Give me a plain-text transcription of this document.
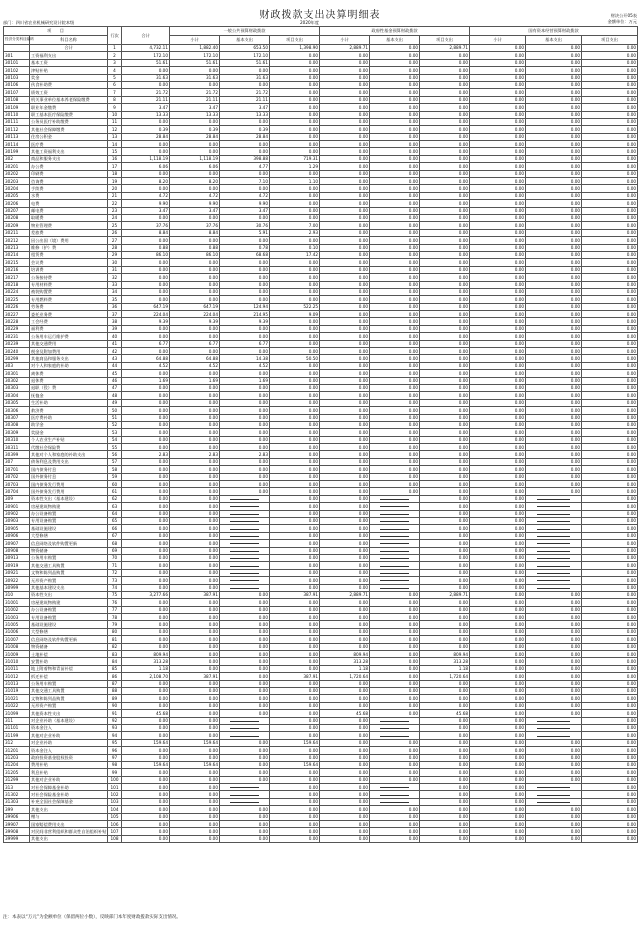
财政拨款支出决算明细表
部门：四川省农业机械研究设计院本级	2020年度
财决公开05表
金额单位：万元
项　　目		行次	合计	一般公共预算财政拨款			政府性基金预算财政拨款			国有资本经营预算财政拨款		
经济分类科目编码	科目名称			小计	基本支出	项目支出	小计	基本支出	项目支出	小计	基本支出	项目支出
	合计	1	4,732.11	1,882.40	653.50	1,398.90	2,889.71	0.00	2,889.71	0.00	0.00	0.00
301	工资福利支出	2	172.10	172.10	172.10	0.00	0.00	0.00	0.00	0.00	0.00	0.00
30101	基本工资	3	51.61	51.61	51.61	0.00	0.00	0.00	0.00	0.00	0.00	0.00
30102	津贴补贴	4	0.00	0.00	0.00	0.00	0.00	0.00	0.00	0.00	0.00	0.00
30103	奖金	5	31.63	31.63	31.63	0.00	0.00	0.00	0.00	0.00	0.00	0.00
30106	伙食补助费	6	0.00	0.00	0.00	0.00	0.00	0.00	0.00	0.00	0.00	0.00
30107	绩效工资	7	21.72	21.72	21.72	0.00	0.00	0.00	0.00	0.00	0.00	0.00
30108	机关事业单位基本养老保险缴费	8	21.11	21.11	21.11	0.00	0.00	0.00	0.00	0.00	0.00	0.00
30109	职业年金缴费	9	3.47	3.47	3.47	0.00	0.00	0.00	0.00	0.00	0.00	0.00
30110	职工基本医疗保险缴费	10	13.33	13.33	13.33	0.00	0.00	0.00	0.00	0.00	0.00	0.00
30111	公务员医疗补助缴费	11	0.00	0.00	0.00	0.00	0.00	0.00	0.00	0.00	0.00	0.00
30112	其他社会保障缴费	12	0.39	0.39	0.39	0.00	0.00	0.00	0.00	0.00	0.00	0.00
30113	住房公积金	13	28.84	28.84	28.84	0.00	0.00	0.00	0.00	0.00	0.00	0.00
30114	医疗费	14	0.00	0.00	0.00	0.00	0.00	0.00	0.00	0.00	0.00	0.00
30199	其他工资福利支出	15	0.00	0.00	0.00	0.00	0.00	0.00	0.00	0.00	0.00	0.00
302	商品和服务支出	16	1,118.19	1,118.19	398.88	719.31	0.00	0.00	0.00	0.00	0.00	0.00
30201	办公费	17	6.06	6.06	4.77	1.29	0.00	0.00	0.00	0.00	0.00	0.00
30202	印刷费	18	0.00	0.00	0.00	0.00	0.00	0.00	0.00	0.00	0.00	0.00
30203	咨询费	19	8.20	8.20	7.10	1.10	0.00	0.00	0.00	0.00	0.00	0.00
30204	手续费	20	0.00	0.00	0.00	0.00	0.00	0.00	0.00	0.00	0.00	0.00
30205	水费	21	4.72	4.72	4.72	0.00	0.00	0.00	0.00	0.00	0.00	0.00
30206	电费	22	9.90	9.90	9.90	0.00	0.00	0.00	0.00	0.00	0.00	0.00
30207	邮电费	23	3.47	3.47	3.47	0.00	0.00	0.00	0.00	0.00	0.00	0.00
30208	取暖费	24	0.00	0.00	0.00	0.00	0.00	0.00	0.00	0.00	0.00	0.00
30209	物业管理费	25	37.76	37.76	30.76	7.00	0.00	0.00	0.00	0.00	0.00	0.00
30211	差旅费	26	8.84	8.84	5.91	2.93	0.00	0.00	0.00	0.00	0.00	0.00
30212	因公出国（境）费用	27	0.00	0.00	0.00	0.00	0.00	0.00	0.00	0.00	0.00	0.00
30213	维修（护）费	28	0.88	0.88	0.78	0.10	0.00	0.00	0.00	0.00	0.00	0.00
30214	租赁费	29	86.10	86.10	68.68	17.42	0.00	0.00	0.00	0.00	0.00	0.00
30215	会议费	30	0.00	0.00	0.00	0.00	0.00	0.00	0.00	0.00	0.00	0.00
30216	培训费	31	0.00	0.00	0.00	0.00	0.00	0.00	0.00	0.00	0.00	0.00
30217	公务接待费	32	0.00	0.00	0.00	0.00	0.00	0.00	0.00	0.00	0.00	0.00
30218	专用材料费	33	0.00	0.00	0.00	0.00	0.00	0.00	0.00	0.00	0.00	0.00
30224	被装购置费	34	0.00	0.00	0.00	0.00	0.00	0.00	0.00	0.00	0.00	0.00
30225	专用燃料费	35	0.00	0.00	0.00	0.00	0.00	0.00	0.00	0.00	0.00	0.00
30226	劳务费	36	647.19	647.19	124.94	522.25	0.00	0.00	0.00	0.00	0.00	0.00
30227	委托业务费	37	224.04	224.04	214.95	9.09	0.00	0.00	0.00	0.00	0.00	0.00
30228	工会经费	38	9.39	9.39	9.39	0.00	0.00	0.00	0.00	0.00	0.00	0.00
30229	福利费	39	0.00	0.00	0.00	0.00	0.00	0.00	0.00	0.00	0.00	0.00
30231	公务用车运行维护费	40	0.00	0.00	0.00	0.00	0.00	0.00	0.00	0.00	0.00	0.00
30239	其他交通费用	41	6.77	6.77	6.77	0.00	0.00	0.00	0.00	0.00	0.00	0.00
30240	税金及附加费用	42	0.00	0.00	0.00	0.00	0.00	0.00	0.00	0.00	0.00	0.00
30299	其他商品和服务支出	43	64.88	64.88	14.38	50.50	0.00	0.00	0.00	0.00	0.00	0.00
303	对个人和家庭的补助	44	4.52	4.52	4.52	0.00	0.00	0.00	0.00	0.00	0.00	0.00
30301	离休费	45	0.00	0.00	0.00	0.00	0.00	0.00	0.00	0.00	0.00	0.00
30302	退休费	46	1.69	1.69	1.69	0.00	0.00	0.00	0.00	0.00	0.00	0.00
30303	退职（役）费	47	0.00	0.00	0.00	0.00	0.00	0.00	0.00	0.00	0.00	0.00
30304	抚恤金	48	0.00	0.00	0.00	0.00	0.00	0.00	0.00	0.00	0.00	0.00
30305	生活补助	49	0.00	0.00	0.00	0.00	0.00	0.00	0.00	0.00	0.00	0.00
30306	救济费	50	0.00	0.00	0.00	0.00	0.00	0.00	0.00	0.00	0.00	0.00
30307	医疗费补助	51	0.00	0.00	0.00	0.00	0.00	0.00	0.00	0.00	0.00	0.00
30308	助学金	52	0.00	0.00	0.00	0.00	0.00	0.00	0.00	0.00	0.00	0.00
30309	奖励金	53	0.00	0.00	0.00	0.00	0.00	0.00	0.00	0.00	0.00	0.00
30310	个人农业生产补贴	54	0.00	0.00	0.00	0.00	0.00	0.00	0.00	0.00	0.00	0.00
30311	代缴社会保险费	55	0.00	0.00	0.00	0.00	0.00	0.00	0.00	0.00	0.00	0.00
30399	其他对个人和家庭的补助支出	56	2.83	2.83	2.83	0.00	0.00	0.00	0.00	0.00	0.00	0.00
307	债务利息及费用支出	57	0.00	0.00	0.00	0.00	0.00	0.00	0.00	0.00	0.00	0.00
30701	国内债务付息	58	0.00	0.00	0.00	0.00	0.00	0.00	0.00	0.00	0.00	0.00
30702	国外债务付息	59	0.00	0.00	0.00	0.00	0.00	0.00	0.00	0.00	0.00	0.00
30703	国内债务发行费用	60	0.00	0.00	0.00	0.00	0.00	0.00	0.00	0.00	0.00	0.00
30704	国外债务发行费用	61	0.00	0.00	0.00	0.00	0.00	0.00	0.00	0.00	0.00	0.00
309	资本性支出（基本建设）	62	0.00	0.00		0.00	0.00		0.00	0.00		0.00
30901	房屋建筑物购建	63	0.00	0.00		0.00	0.00		0.00	0.00		0.00
30902	办公设备购置	64	0.00	0.00		0.00	0.00		0.00	0.00		0.00
30903	专用设备购置	65	0.00	0.00		0.00	0.00		0.00	0.00		0.00
30905	基础设施建设	66	0.00	0.00		0.00	0.00		0.00	0.00		0.00
30906	大型修缮	67	0.00	0.00		0.00	0.00		0.00	0.00		0.00
30907	信息网络及软件购置更新	68	0.00	0.00		0.00	0.00		0.00	0.00		0.00
30908	物资储备	69	0.00	0.00		0.00	0.00		0.00	0.00		0.00
30913	公务用车购置	70	0.00	0.00		0.00	0.00		0.00	0.00		0.00
30919	其他交通工具购置	71	0.00	0.00		0.00	0.00		0.00	0.00		0.00
30921	文物和陈列品购置	72	0.00	0.00		0.00	0.00		0.00	0.00		0.00
30922	无形资产购置	73	0.00	0.00		0.00	0.00		0.00	0.00		0.00
30999	其他基本建设支出	74	0.00	0.00		0.00	0.00		0.00	0.00		0.00
310	资本性支出	75	3,277.66	387.91	0.00	387.91	2,889.71	0.00	2,889.71	0.00	0.00	0.00
31001	房屋建筑物购建	76	0.00	0.00	0.00	0.00	0.00	0.00	0.00	0.00	0.00	0.00
31002	办公设备购置	77	0.00	0.00	0.00	0.00	0.00	0.00	0.00	0.00	0.00	0.00
31003	专用设备购置	78	0.00	0.00	0.00	0.00	0.00	0.00	0.00	0.00	0.00	0.00
31005	基础设施建设	79	0.00	0.00	0.00	0.00	0.00	0.00	0.00	0.00	0.00	0.00
31006	大型修缮	80	0.00	0.00	0.00	0.00	0.00	0.00	0.00	0.00	0.00	0.00
31007	信息网络及软件购置更新	81	0.00	0.00	0.00	0.00	0.00	0.00	0.00	0.00	0.00	0.00
31008	物资储备	82	0.00	0.00	0.00	0.00	0.00	0.00	0.00	0.00	0.00	0.00
31009	土地补偿	83	809.94	0.00	0.00	0.00	809.94	0.00	809.94	0.00	0.00	0.00
31010	安置补助	84	313.28	0.00	0.00	0.00	313.28	0.00	313.28	0.00	0.00	0.00
31011	地上附着物和青苗补偿	85	1.18	0.00	0.00	0.00	1.18	0.00	1.18	0.00	0.00	0.00
31012	拆迁补偿	86	2,108.70	387.91	0.00	387.91	1,720.64	0.00	1,720.64	0.00	0.00	0.00
31013	公务用车购置	87	0.00	0.00	0.00	0.00	0.00	0.00	0.00	0.00	0.00	0.00
31019	其他交通工具购置	88	0.00	0.00	0.00	0.00	0.00	0.00	0.00	0.00	0.00	0.00
31021	文物和陈列品购置	89	0.00	0.00	0.00	0.00	0.00	0.00	0.00	0.00	0.00	0.00
31022	无形资产购置	90	0.00	0.00	0.00	0.00	0.00	0.00	0.00	0.00	0.00	0.00
31099	其他资本性支出	91	45.68	0.00	0.00	0.00	45.68	0.00	45.68	0.00	0.00	0.00
311	对企业补助（基本建设）	92	0.00	0.00		0.00	0.00		0.00	0.00		0.00
31101	资本金注入	93	0.00	0.00		0.00	0.00		0.00	0.00		0.00
31199	其他对企业补助	94	0.00	0.00		0.00	0.00		0.00	0.00		0.00
312	对企业补助	95	159.64	159.64	0.00	159.64	0.00	0.00	0.00	0.00	0.00	0.00
31201	资本金注入	96	0.00	0.00	0.00	0.00	0.00	0.00	0.00	0.00	0.00	0.00
31203	政府投资基金股权投资	97	0.00	0.00	0.00	0.00	0.00	0.00	0.00	0.00	0.00	0.00
31204	费用补贴	98	159.64	159.64	0.00	159.64	0.00	0.00	0.00	0.00	0.00	0.00
31205	利息补贴	99	0.00	0.00	0.00	0.00	0.00	0.00	0.00	0.00	0.00	0.00
31299	其他对企业补助	100	0.00	0.00	0.00	0.00	0.00	0.00	0.00	0.00	0.00	0.00
313	对社会保障基金补助	101	0.00	0.00		0.00	0.00		0.00	0.00		0.00
31302	对社会保险基金补助	102	0.00	0.00		0.00	0.00		0.00	0.00		0.00
31303	补充全国社会保障基金	103	0.00	0.00		0.00	0.00		0.00	0.00		0.00
399	其他支出	104	0.00	0.00	0.00	0.00	0.00	0.00	0.00	0.00	0.00	0.00
39906	赠与	105	0.00	0.00	0.00	0.00	0.00	0.00	0.00	0.00	0.00	0.00
39907	国家赔偿费用支出	106	0.00	0.00	0.00	0.00	0.00	0.00	0.00	0.00	0.00	0.00
39908	对民间非营利组织和群众性自治组织补贴	107	0.00	0.00	0.00	0.00	0.00	0.00	0.00	0.00	0.00	0.00
39999	其他支出	108	0.00	0.00	0.00	0.00	0.00	0.00	0.00	0.00	0.00	0.00
注：本表以“万元”为金额单位（保留两位小数），反映部门本年度财政拨款实际支出情况。
